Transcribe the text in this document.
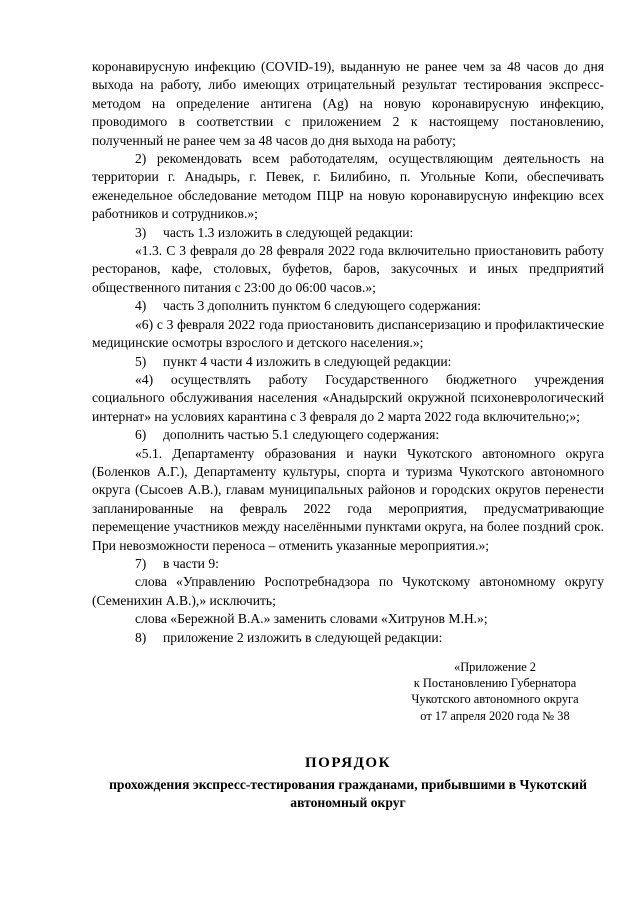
коронавирусную инфекцию (COVID-19), выданную не ранее чем за 48 часов до дня выхода на работу, либо имеющих отрицательный результат тестирования экспресс-методом на определение антигена (Ag) на новую коронавирусную инфекцию, проводимого в соответствии с приложением 2 к настоящему постановлению, полученный не ранее чем за 48 часов до дня выхода на работу;

2) рекомендовать всем работодателям, осуществляющим деятельность на территории г. Анадырь, г. Певек, г. Билибино, п. Угольные Копи, обеспечивать еженедельное обследование методом ПЦР на новую коронавирусную инфекцию всех работников и сотрудников.»;

3) часть 1.3 изложить в следующей редакции:

«1.3. С 3 февраля до 28 февраля 2022 года включительно приостановить работу ресторанов, кафе, столовых, буфетов, баров, закусочных и иных предприятий общественного питания с 23:00 до 06:00 часов.»;

4) часть 3 дополнить пунктом 6 следующего содержания:

«6) с 3 февраля 2022 года приостановить диспансеризацию и профилактические медицинские осмотры взрослого и детского населения.»;

5) пункт 4 части 4 изложить в следующей редакции:

«4) осуществлять работу Государственного бюджетного учреждения социального обслуживания населения «Анадырский окружной психоневрологический интернат» на условиях карантина с 3 февраля до 2 марта 2022 года включительно;»;

6) дополнить частью 5.1 следующего содержания:

«5.1. Департаменту образования и науки Чукотского автономного округа (Боленков А.Г.), Департаменту культуры, спорта и туризма Чукотского автономного округа (Сысоев А.В.), главам муниципальных районов и городских округов перенести запланированные на февраль 2022 года мероприятия, предусматривающие перемещение участников между населёнными пунктами округа, на более поздний срок. При невозможности переноса – отменить указанные мероприятия.»;

7) в части 9:

слова «Управлению Роспотребнадзора по Чукотскому автономному округу (Семенихин А.В.),» исключить;

слова «Бережной В.А.» заменить словами «Хитрунов М.Н.»;

8) приложение 2 изложить в следующей редакции:

«Приложение 2
к Постановлению Губернатора
Чукотского автономного округа
от 17 апреля 2020 года № 38
ПОРЯДОК
прохождения экспресс-тестирования гражданами, прибывшими в Чукотский автономный округ
